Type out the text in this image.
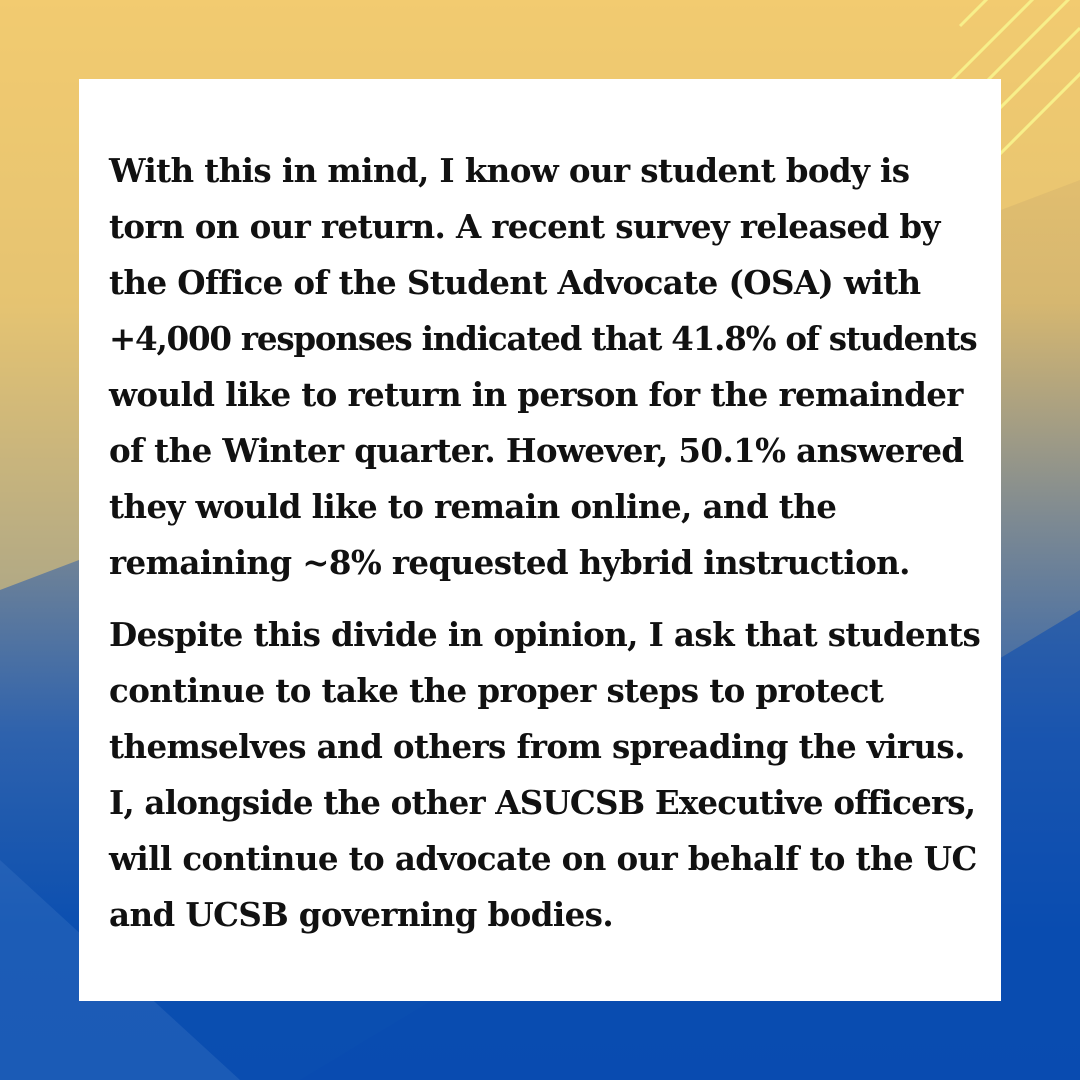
With this in mind, I know our student body is
torn on our return. A recent survey released by
the Office of the Student Advocate (OSA) with
+4,000 responses indicated that 41.8% of students
would like to return in person for the remainder
of the Winter quarter. However, 50.1% answered
they would like to remain online, and the
remaining ~8% requested hybrid instruction.

Despite this divide in opinion, I ask that students
continue to take the proper steps to protect
themselves and others from spreading the virus.
I, alongside the other ASUCSB Executive officers,
will continue to advocate on our behalf to the UC
and UCSB governing bodies.
